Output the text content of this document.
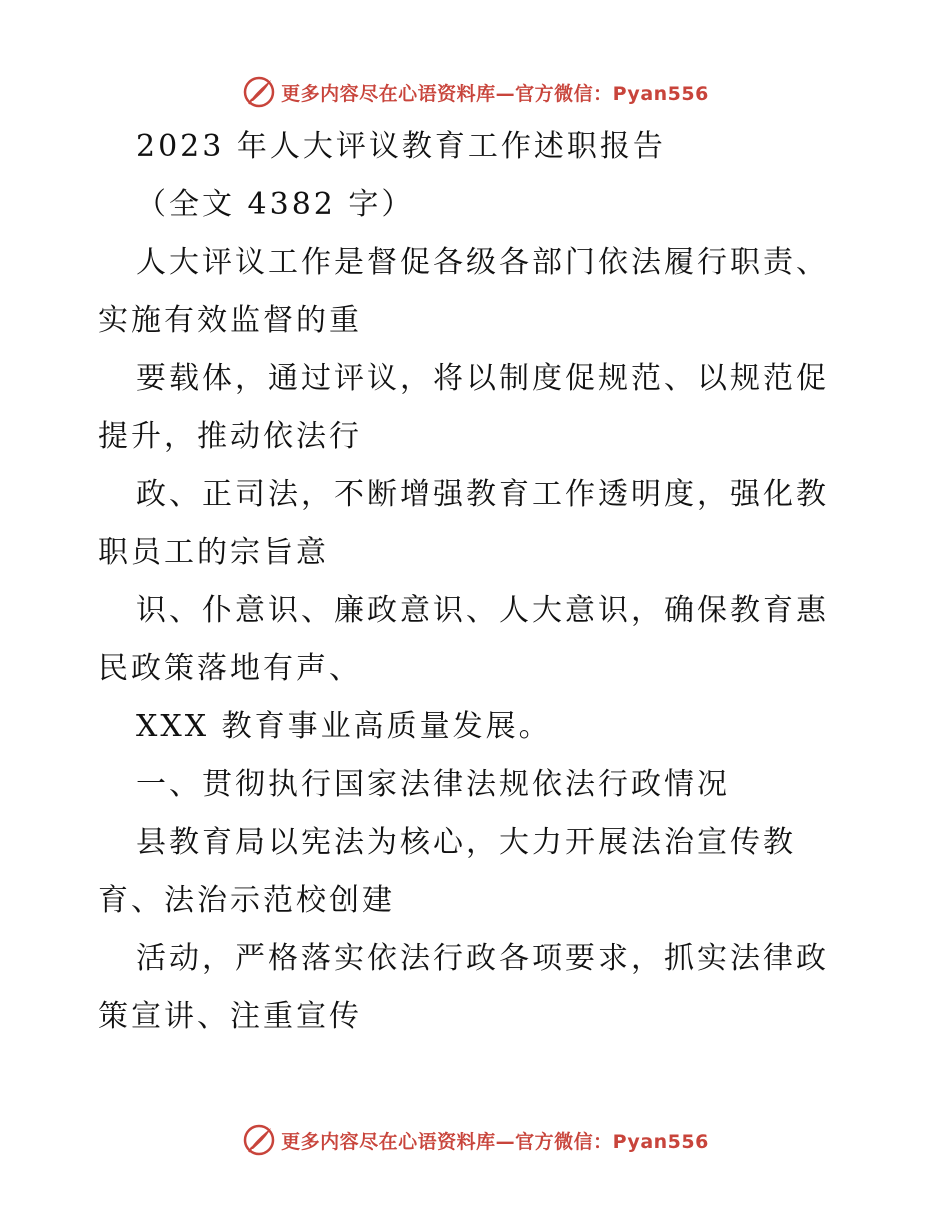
更多内容尽在心语资料库—官方微信：Pyan556
2023 年人大评议教育工作述职报告
（全文 4382 字）
人大评议工作是督促各级各部门依法履行职责、
实施有效监督的重
要载体，通过评议，将以制度促规范、以规范促
提升，推动依法行
政、正司法，不断增强教育工作透明度，强化教
职员工的宗旨意
识、仆意识、廉政意识、人大意识，确保教育惠
民政策落地有声、
XXX 教育事业高质量发展。
一、贯彻执行国家法律法规依法行政情况
县教育局以宪法为核心，大力开展法治宣传教
育、法治示范校创建
活动，严格落实依法行政各项要求，抓实法律政
策宣讲、注重宣传
更多内容尽在心语资料库—官方微信：Pyan556
